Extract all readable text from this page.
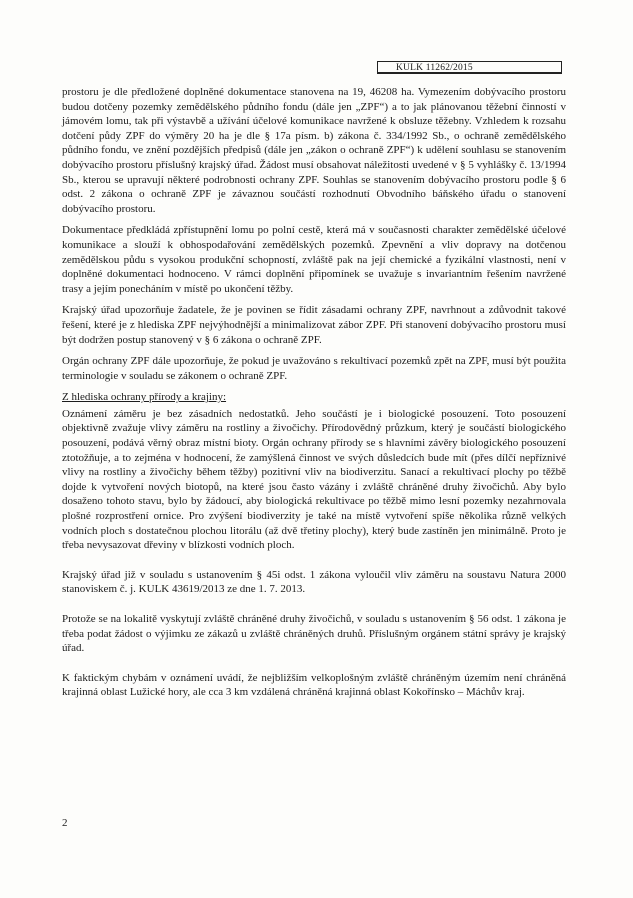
KULK 11262/2015

prostoru je dle předložené doplněné dokumentace stanovena na 19, 46208 ha. Vymezením dobývacího prostoru budou dotčeny pozemky zemědělského půdního fondu (dále jen „ZPF“) a to jak plánovanou těžební činností v jámovém lomu, tak při výstavbě a užívání účelové komunikace navržené k obsluze těžebny. Vzhledem k rozsahu dotčení půdy ZPF do výměry 20 ha je dle § 17a písm. b) zákona č. 334/1992 Sb., o ochraně zemědělského půdního fondu, ve znění pozdějších předpisů (dále jen „zákon o ochraně ZPF“) k udělení souhlasu se stanovením dobývacího prostoru příslušný krajský úřad. Žádost musí obsahovat náležitosti uvedené v § 5 vyhlášky č. 13/1994 Sb., kterou se upravují některé podrobnosti ochrany ZPF. Souhlas se stanovením dobývacího prostoru podle § 6 odst. 2 zákona o ochraně ZPF je závaznou součástí rozhodnutí Obvodního báňského úřadu o stanovení dobývacího prostoru.

Dokumentace předkládá zpřístupnění lomu po polní cestě, která má v současnosti charakter zemědělské účelové komunikace a slouží k obhospodařování zemědělských pozemků. Zpevnění a vliv dopravy na dotčenou zemědělskou půdu s vysokou produkční schopností, zvláště pak na její chemické a fyzikální vlastnosti, není v doplněné dokumentaci hodnoceno. V rámci doplnění připomínek se uvažuje s invariantním řešením navržené trasy a jejím ponecháním v místě po ukončení těžby.

Krajský úřad upozorňuje žadatele, že je povinen se řídit zásadami ochrany ZPF, navrhnout a zdůvodnit takové řešení, které je z hlediska ZPF nejvýhodnější a minimalizovat zábor ZPF. Při stanovení dobývacího prostoru musí být dodržen postup stanovený v § 6 zákona o ochraně ZPF.

Orgán ochrany ZPF dále upozorňuje, že pokud je uvažováno s rekultivací pozemků zpět na ZPF, musí být použita terminologie v souladu se zákonem o ochraně ZPF.

Z hlediska ochrany přírody a krajiny:

Oznámení záměru je bez zásadních nedostatků. Jeho součástí je i biologické posouzení. Toto posouzení objektivně zvažuje vlivy záměru na rostliny a živočichy. Přírodovědný průzkum, který je součástí biologického posouzení, podává věrný obraz místní bioty. Orgán ochrany přírody se s hlavními závěry biologického posouzení ztotožňuje, a to zejména v hodnocení, že zamýšlená činnost ve svých důsledcích bude mít (přes dílčí nepříznivé vlivy na rostliny a živočichy během těžby) pozitivní vliv na biodiverzitu. Sanací a rekultivací plochy po těžbě dojde k vytvoření nových biotopů, na které jsou často vázány i zvláště chráněné druhy živočichů. Aby bylo dosaženo tohoto stavu, bylo by žádoucí, aby biologická rekultivace po těžbě mimo lesní pozemky nezahrnovala plošné rozprostření ornice. Pro zvýšení biodiverzity je také na místě vytvoření spíše několika různě velkých vodních ploch s dostatečnou plochou litorálu (až dvě třetiny plochy), který bude zastíněn jen minimálně. Proto je třeba nevysazovat dřeviny v blízkosti vodních ploch.

Krajský úřad již v souladu s ustanovením § 45i odst. 1 zákona vyloučil vliv záměru na soustavu Natura 2000 stanoviskem č. j. KULK 43619/2013 ze dne 1. 7. 2013.

Protože se na lokalitě vyskytují zvláště chráněné druhy živočichů, v souladu s ustanovením § 56 odst. 1 zákona je třeba podat žádost o výjimku ze zákazů u zvláště chráněných druhů. Příslušným orgánem státní správy je krajský úřad.

K faktickým chybám v oznámení uvádí, že nejbližším velkoplošným zvláště chráněným územím není chráněná krajinná oblast Lužické hory, ale cca 3 km vzdálená chráněná krajinná oblast Kokořínsko – Máchův kraj.

2
